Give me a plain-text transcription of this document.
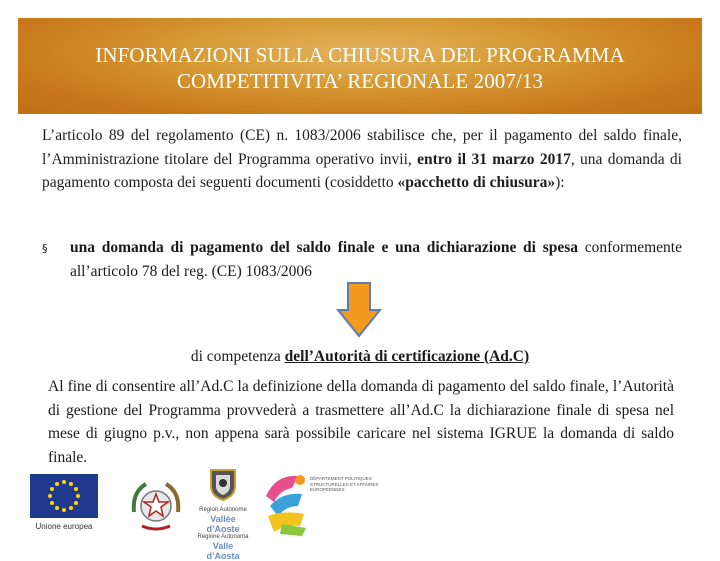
INFORMAZIONI SULLA CHIUSURA DEL PROGRAMMA
COMPETITIVITA’ REGIONALE 2007/13

L’articolo 89 del regolamento (CE) n. 1083/2006 stabilisce che, per il pagamento del saldo finale, l’Amministrazione titolare del Programma operativo invii, entro il 31 marzo 2017, una domanda di pagamento composta dei seguenti documenti (cosiddetto «pacchetto di chiusura»):

§	una domanda di pagamento del saldo finale e una dichiarazione di spesa conformemente all’articolo 78 del reg. (CE) 1083/2006

di competenza dell’Autorità di certificazione (Ad.C)

Al fine di consentire all’Ad.C la definizione della domanda di pagamento del saldo finale, l’Autorità di gestione del Programma provvederà a trasmettere all’Ad.C la dichiarazione finale di spesa nel mese di giugno p.v., non appena sarà possibile caricare nel sistema IGRUE la domanda di saldo finale.

Unione europea
Région Autonome
Vallée d’Aoste
Regione Autonoma
Valle d’Aosta
DÉPARTEMENT POLITIQUES STRUCTURELLES ET AFFAIRES EUROPÉENNES
